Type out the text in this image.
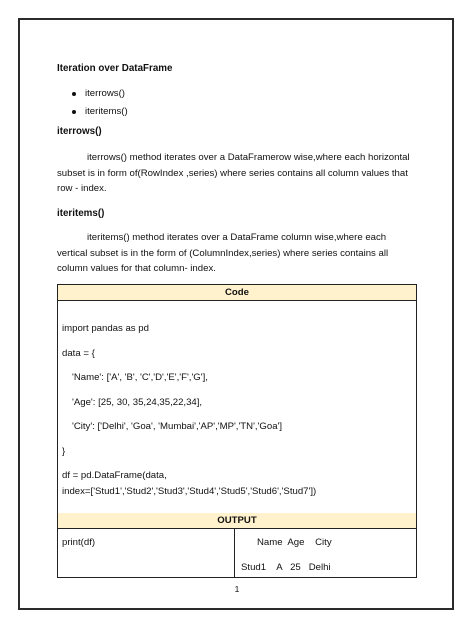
Iteration over DataFrame
iterrows()
iteritems()
iterrows()
iterrows() method iterates over a DataFramerow wise,where each horizontal
subset is in form of(RowIndex ,series) where series contains all column values that
row - index.
iteritems()
iteritems() method iterates over a DataFrame column wise,where each
vertical subset is in the form of (ColumnIndex,series) where series contains all
column values for that column- index.
Code
import pandas as pd
data = {
'Name': ['A', 'B', 'C','D','E','F','G'],
'Age': [25, 30, 35,24,35,22,34],
'City': ['Delhi', 'Goa', 'Mumbai','AP','MP','TN','Goa']
}
df = pd.DataFrame(data,
index=['Stud1','Stud2','Stud3','Stud4','Stud5','Stud6','Stud7'])
OUTPUT
print(df)	Name  Age    City
Stud1    A   25   Delhi
1
